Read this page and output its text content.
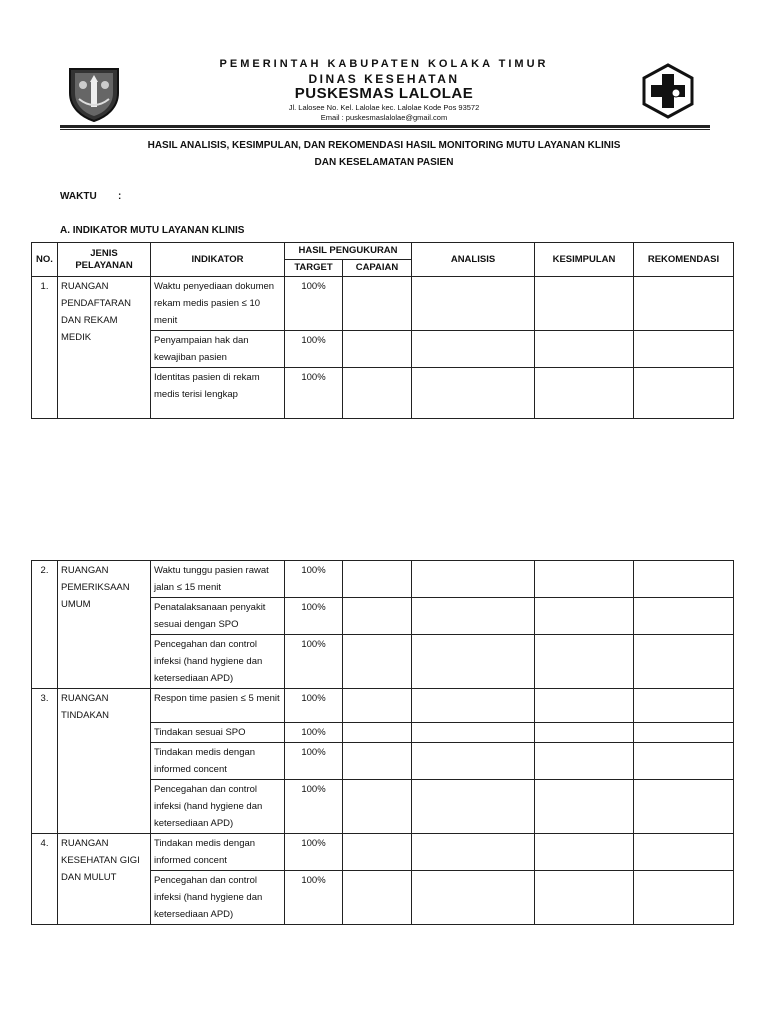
PEMERINTAH KABUPATEN KOLAKA TIMUR
DINAS KESEHATAN
PUSKESMAS LALOLAE
Jl. Lalosee No. Kel. Lalolae kec. Lalolae Kode Pos 93572
Email : puskesmaslalolae@gmail.com
HASIL ANALISIS, KESIMPULAN, DAN REKOMENDASI HASIL MONITORING MUTU LAYANAN KLINIS
DAN KESELAMATAN PASIEN
WAKTU :
A. INDIKATOR MUTU LAYANAN KLINIS
NO.	JENIS PELAYANAN	INDIKATOR	HASIL PENGUKURAN		ANALISIS	KESIMPULAN	REKOMENDASI
			TARGET	CAPAIAN			
1.	RUANGAN PENDAFTARAN DAN REKAM MEDIK	Waktu penyediaan dokumen rekam medis pasien ≤ 10 menit	100%				
		Penyampaian hak dan kewajiban pasien	100%				
		Identitas pasien di rekam medis terisi lengkap	100%				
2.	RUANGAN PEMERIKSAAN UMUM	Waktu tunggu pasien rawat jalan ≤ 15 menit	100%				
		Penatalaksanaan penyakit sesuai dengan SPO	100%				
		Pencegahan dan control infeksi (hand hygiene dan ketersediaan APD)	100%				
3.	RUANGAN TINDAKAN	Respon time pasien ≤ 5 menit	100%				
		Tindakan sesuai SPO	100%				
		Tindakan medis dengan informed concent	100%				
		Pencegahan dan control infeksi (hand hygiene dan ketersediaan APD)	100%				
4.	RUANGAN KESEHATAN GIGI DAN MULUT	Tindakan medis dengan informed concent	100%				
		Pencegahan dan control infeksi (hand hygiene dan ketersediaan APD)	100%				
